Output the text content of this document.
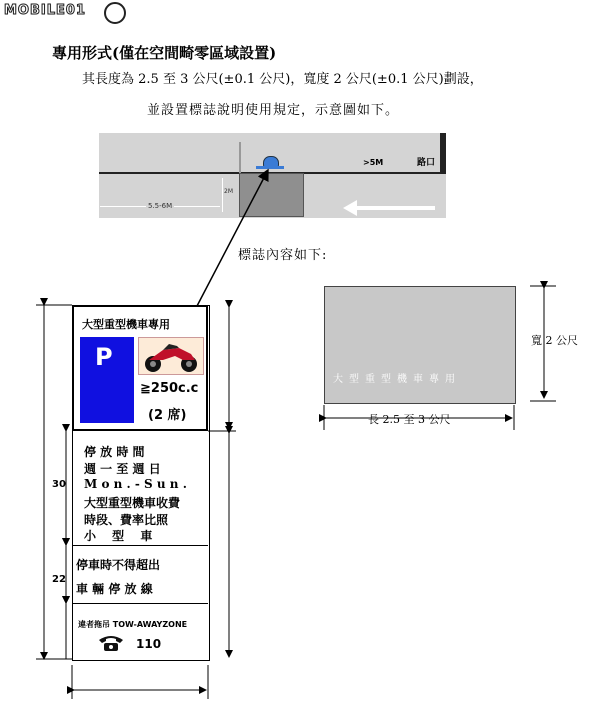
MOBILE01
專用形式(僅在空間畸零區域設置)
其長度為 2.5 至 3 公尺(±0.1 公尺)，寬度 2 公尺(±0.1 公尺)劃設，
並設置標誌說明使用規定，示意圖如下。
5.5-6M
2M
>5M	路口
標誌內容如下:
大型重型機車專用
寬 2 公尺
長 2.5 至 3 公尺
大型重型機車專用
P
≧250c.c
(2 席)
停 放 時 間
週 一 至 週 日
M o n . - S u n .
大型重型機車收費
時段、費率比照
小　 型　 車
停車時不得超出
車 輛 停 放 線
違者拖吊 TOW-AWAYZONE
110
30
22
